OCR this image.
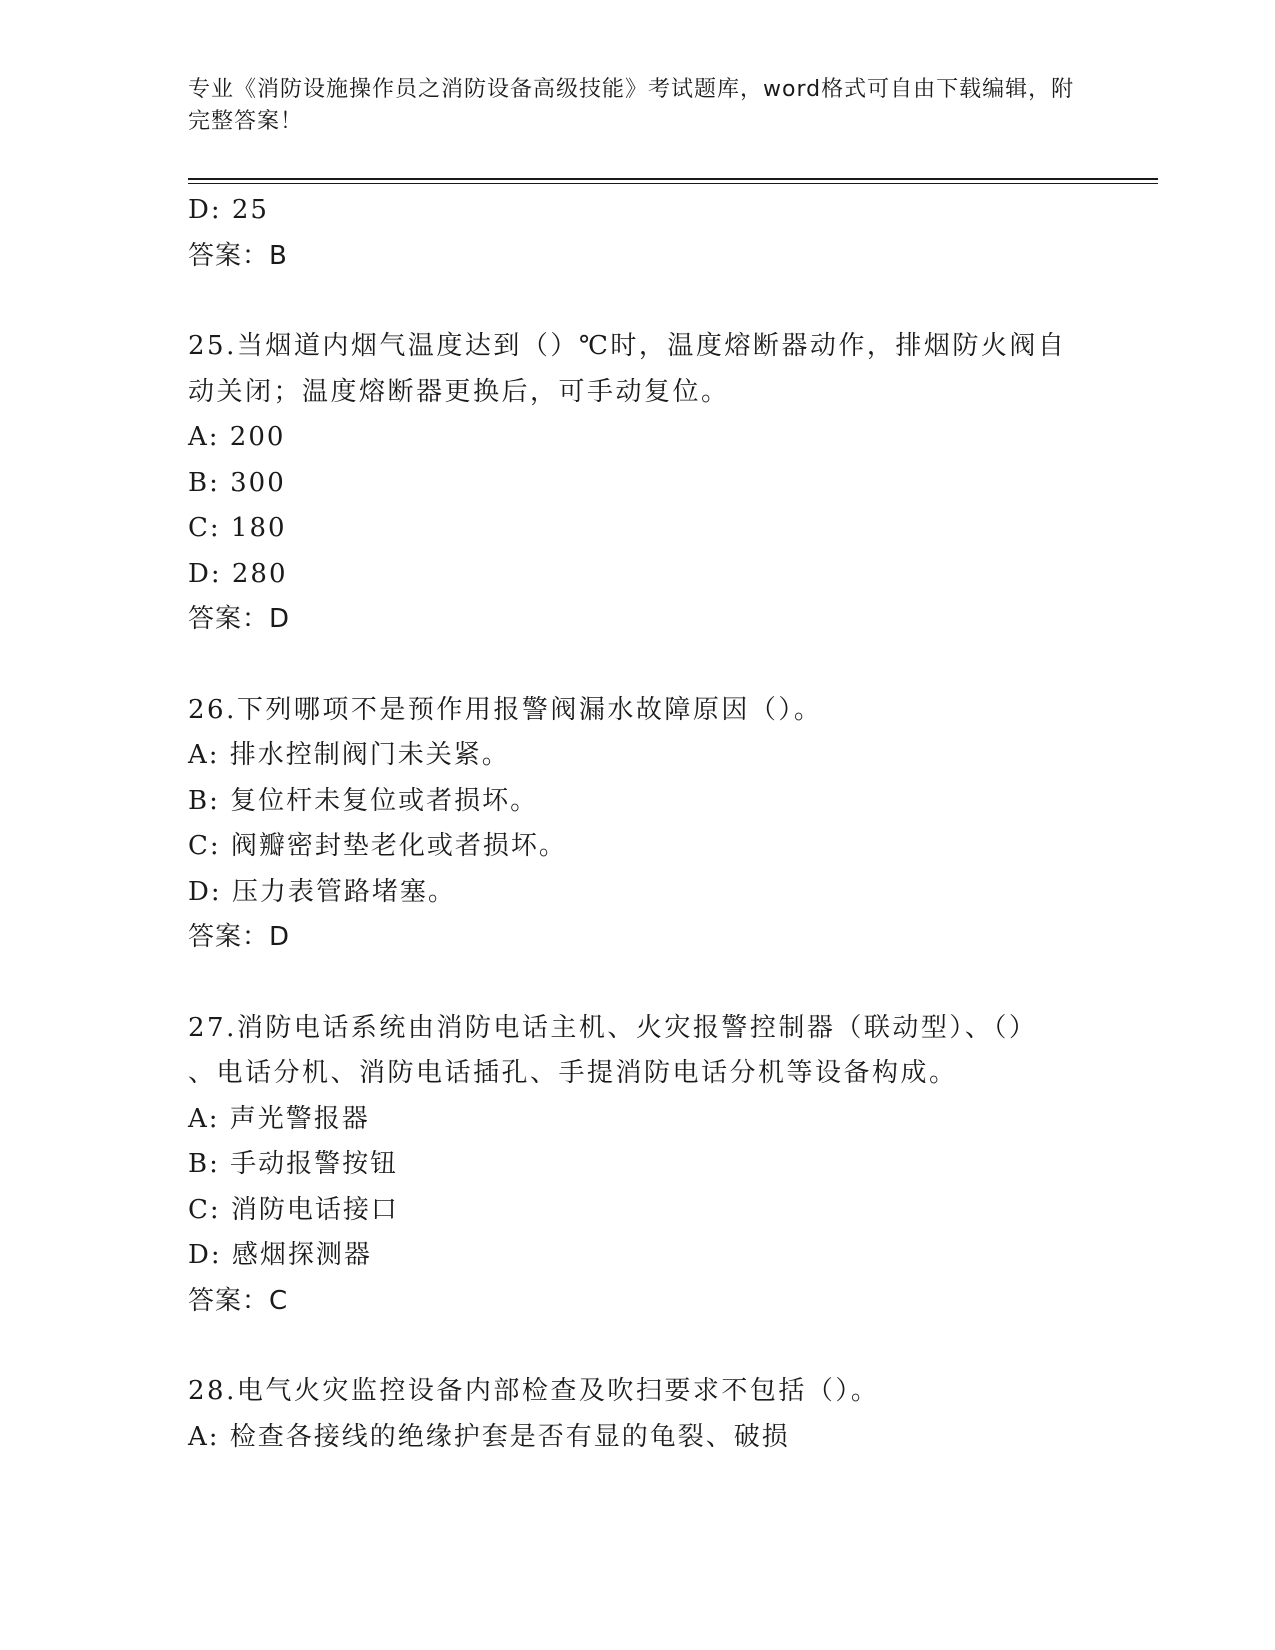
专业《消防设施操作员之消防设备高级技能》考试题库，word格式可自由下载编辑，附完整答案！
D: 25
答案：B
25.当烟道内烟气温度达到（）℃时，温度熔断器动作，排烟防火阀自
动关闭；温度熔断器更换后，可手动复位。
A: 200
B: 300
C: 180
D: 280
答案：D
26.下列哪项不是预作用报警阀漏水故障原因（）。
A: 排水控制阀门未关紧。
B: 复位杆未复位或者损坏。
C: 阀瓣密封垫老化或者损坏。
D: 压力表管路堵塞。
答案：D
27.消防电话系统由消防电话主机、火灾报警控制器（联动型）、（）
、电话分机、消防电话插孔、手提消防电话分机等设备构成。
A: 声光警报器
B: 手动报警按钮
C: 消防电话接口
D: 感烟探测器
答案：C
28.电气火灾监控设备内部检查及吹扫要求不包括（）。
A: 检查各接线的绝缘护套是否有显的龟裂、破损
